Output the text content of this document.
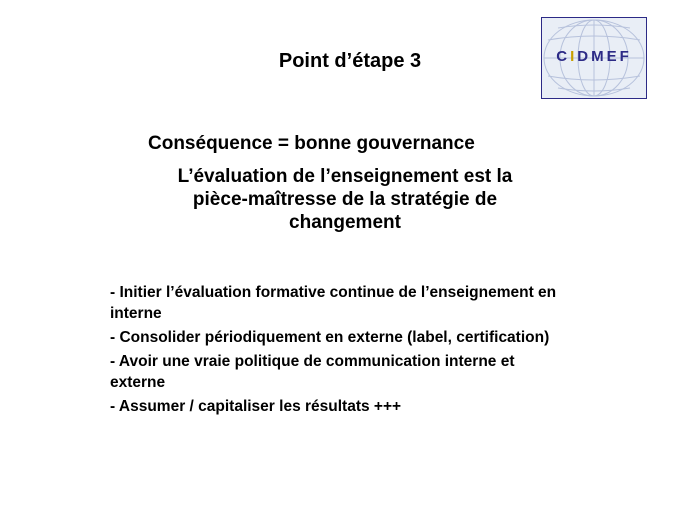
Point d’étape 3	CIDMEF
Conséquence = bonne gouvernance
L’évaluation de l’enseignement est la
pièce-maîtresse de la stratégie de
changement
- Initier l’évaluation formative continue de l’enseignement en interne
- Consolider périodiquement en externe (label, certification)
- Avoir une vraie politique de communication interne et externe
- Assumer / capitaliser les résultats +++
